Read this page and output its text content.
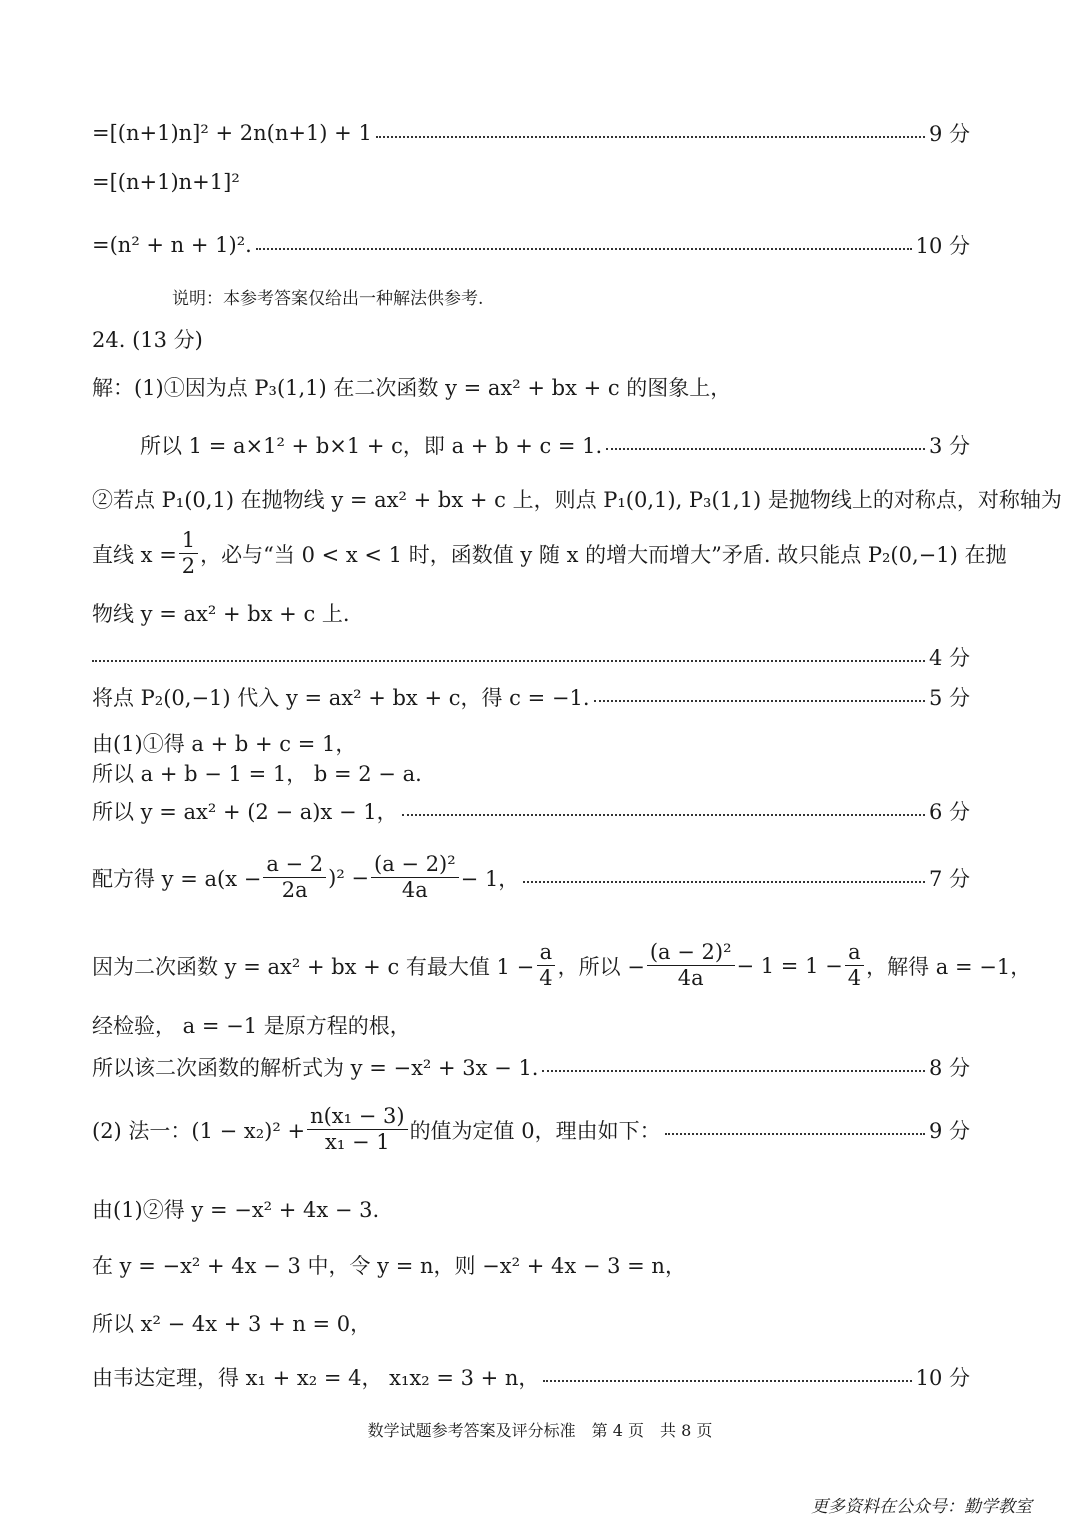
=[(n+1)n]² + 2n(n+1) + 1	9 分
=[(n+1)n+1]²
=(n² + n + 1)².	10 分
说明：本参考答案仅给出一种解法供参考.
24. (13 分)
解：(1)①因为点 P₃(1,1) 在二次函数 y = ax² + bx + c 的图象上，
所以 1 = a×1² + b×1 + c，即 a + b + c = 1.	3 分
②若点 P₁(0,1) 在抛物线 y = ax² + bx + c 上，则点 P₁(0,1), P₃(1,1) 是抛物线上的对称点，对称轴为
直线 $x = \frac{1}{2}$ ，必与“当 0 < x < 1 时，函数值 y 随 x 的增大而增大”矛盾. 故只能点 P₂(0,−1) 在抛
物线 y = ax² + bx + c 上.
4 分
将点 P₂(0,−1) 代入 y = ax² + bx + c，得 c = −1.	5 分
由(1)①得 a + b + c = 1，
所以 a + b − 1 = 1， b = 2 − a.
所以 y = ax² + (2 − a)x − 1，	6 分
配方得 $y = a(x - \frac{a - 2}{2a} )^2 - \frac{\text{(a − 2)²}}{4a} - 1$，	7 分
因为二次函数 y = ax² + bx + c 有最大值 $1 - \frac{a}{4}$ ，所以 − $\frac{\text{(a − 2)²}}{4a} - 1 = 1 - \frac{a}{4}$ ，解得 a = −1，
经检验， a = −1 是原方程的根，
所以该二次函数的解析式为 y = −x² + 3x − 1.	8 分
(2) 法一：$(1 - x_2)^2 + \frac{\text{n(x₁ − 3)}}{\text{x₁ − 1}}$ 的值为定值 0，理由如下：	9 分
由(1)②得 y = −x² + 4x − 3.
在 y = −x² + 4x − 3 中，令 y = n，则 −x² + 4x − 3 = n，
所以 x² − 4x + 3 + n = 0，
由韦达定理，得 x₁ + x₂ = 4， x₁x₂ = 3 + n，	10 分
数学试题参考答案及评分标准　第 4 页　共 8 页
更多资料在公众号：勤学教室
